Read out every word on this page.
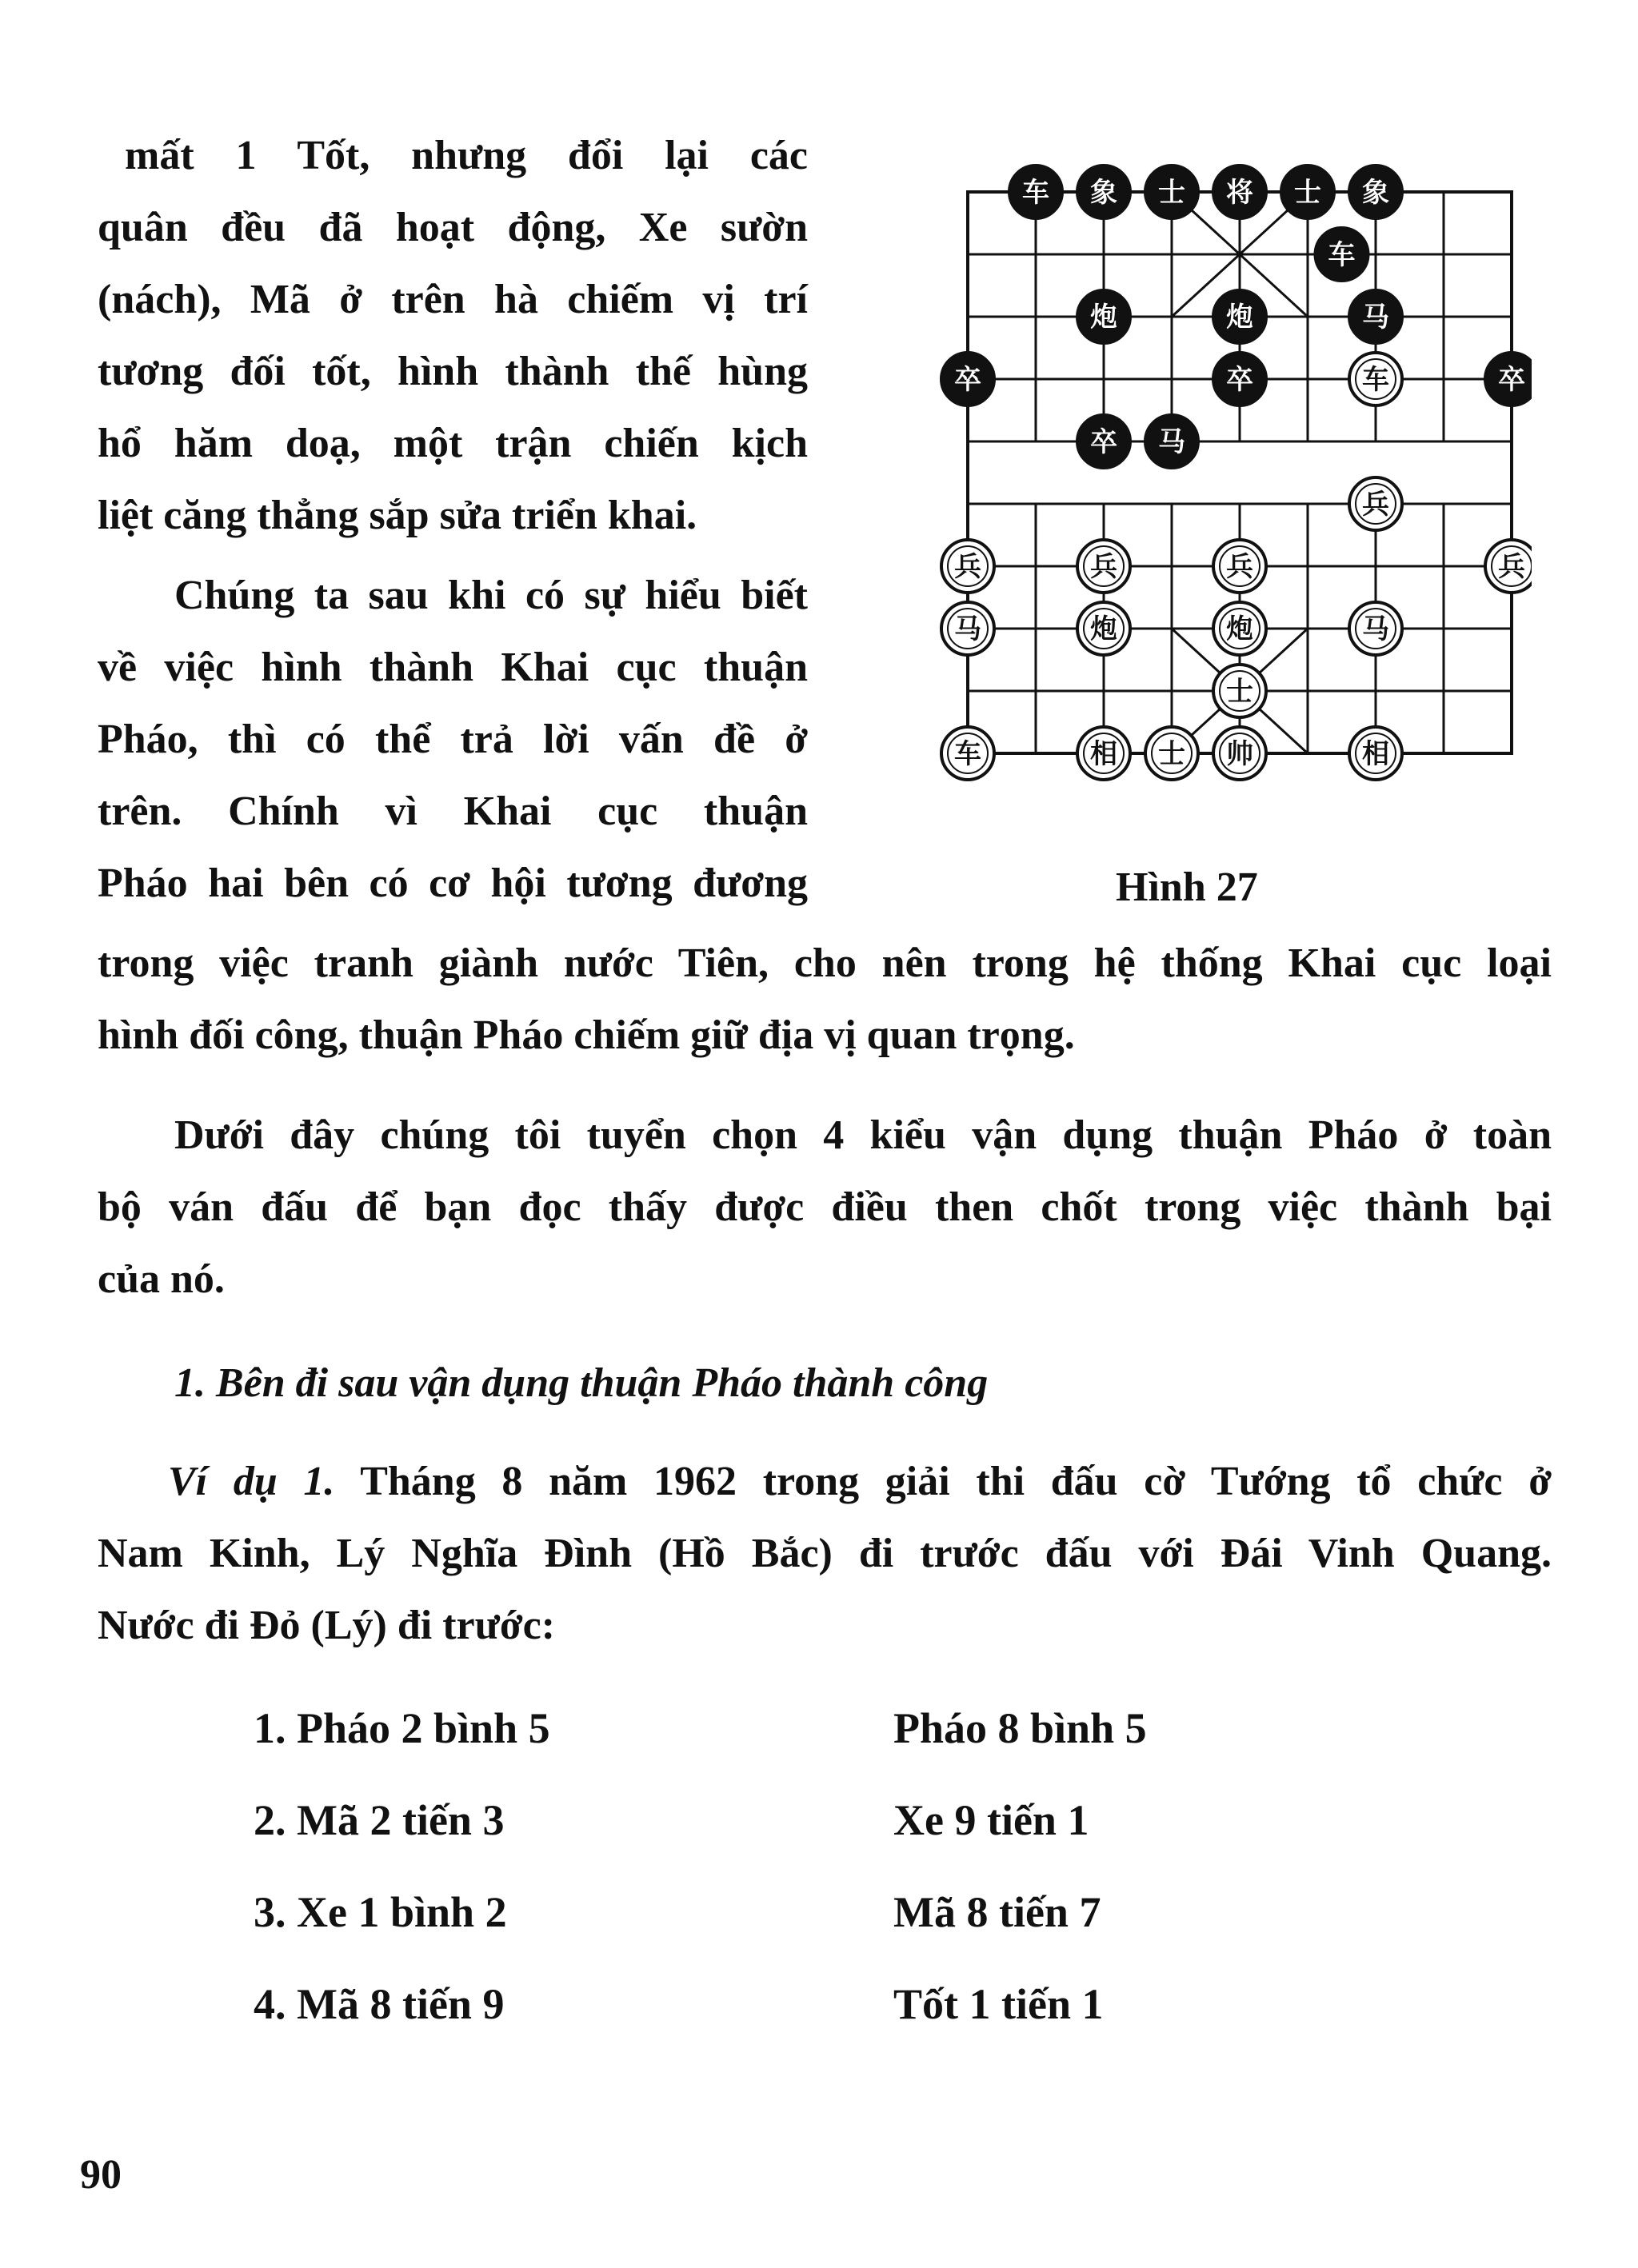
mất 1 Tốt, nhưng đổi lại các

quân đều đã hoạt động, Xe sườn

(nách), Mã ở trên hà chiếm vị trí

tương đối tốt, hình thành thế hùng

hổ hăm doạ, một trận chiến kịch

liệt căng thẳng sắp sửa triển khai.

Chúng ta sau khi có sự hiểu biết

về việc hình thành Khai cục thuận

Pháo, thì có thể trả lời vấn đề ở

trên. Chính vì Khai cục thuận

Pháo hai bên có cơ hội tương đương

车 象 士 将 士 象
车
炮	炮	马
卒	卒	卒
卒 马
车
兵
兵	兵	兵	兵
马	炮	炮	马
士
车	相 士 帅	相
Hình 27

trong việc tranh giành nước Tiên, cho nên trong hệ thống Khai cục loại

hình đối công, thuận Pháo chiếm giữ địa vị quan trọng.

Dưới đây chúng tôi tuyển chọn 4 kiểu vận dụng thuận Pháo ở toàn

bộ ván đấu để bạn đọc thấy được điều then chốt trong việc thành bại

của nó.

1. Bên đi sau vận dụng thuận Pháo thành công

Ví dụ 1. Tháng 8 năm 1962 trong giải thi đấu cờ Tướng tổ chức ở

Nam Kinh, Lý Nghĩa Đình (Hồ Bắc) đi trước đấu với Đái Vinh Quang.

Nước đi Đỏ (Lý) đi trước:

1. Pháo 2 bình 5	Pháo 8 bình 5
2. Mã 2 tiến 3	Xe 9 tiến 1
3. Xe 1 bình 2	Mã 8 tiến 7
4. Mã 8 tiến 9	Tốt 1 tiến 1
90
